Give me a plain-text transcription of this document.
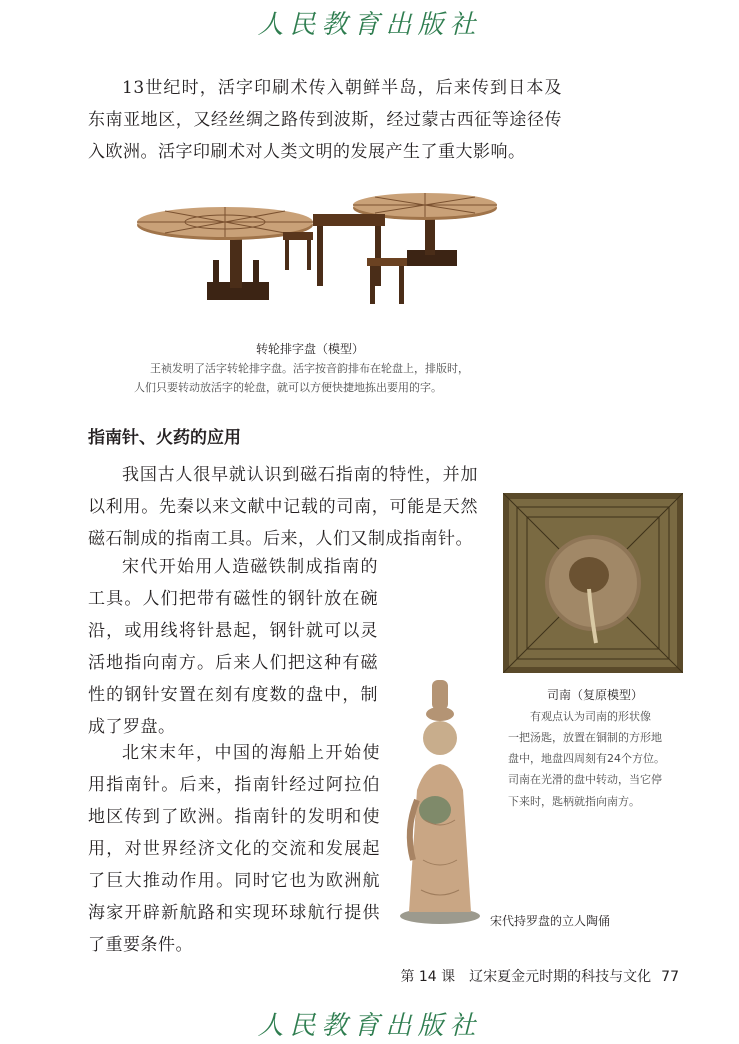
人民教育出版社

13世纪时，活字印刷术传入朝鲜半岛，后来传到日本及东南亚地区，又经丝绸之路传到波斯，经过蒙古西征等途径传入欧洲。活字印刷术对人类文明的发展产生了重大影响。

转轮排字盘（模型）
王祯发明了活字转轮排字盘。活字按音韵排布在轮盘上，排版时，
人们只要转动放活字的轮盘，就可以方便快捷地拣出要用的字。
指南针、火药的应用

我国古人很早就认识到磁石指南的特性，并加以利用。先秦以来文献中记载的司南，可能是天然磁石制成的指南工具。后来，人们又制成指南针。

宋代开始用人造磁铁制成指南的工具。人们把带有磁性的钢针放在碗沿，或用线将针悬起，钢针就可以灵活地指向南方。后来人们把这种有磁性的钢针安置在刻有度数的盘中，制成了罗盘。

北宋末年，中国的海船上开始使用指南针。后来，指南针经过阿拉伯地区传到了欧洲。指南针的发明和使用，对世界经济文化的交流和发展起了巨大推动作用。同时它也为欧洲航海家开辟新航路和实现环球航行提供了重要条件。

司南（复原模型）
有观点认为司南的形状像
一把汤匙，放置在铜制的方形地
盘中，地盘四周刻有24个方位。
司南在光滑的盘中转动，当它停
下来时，匙柄就指向南方。
宋代持罗盘的立人陶俑
第 14 课　辽宋夏金元时期的科技与文化 77
人民教育出版社
